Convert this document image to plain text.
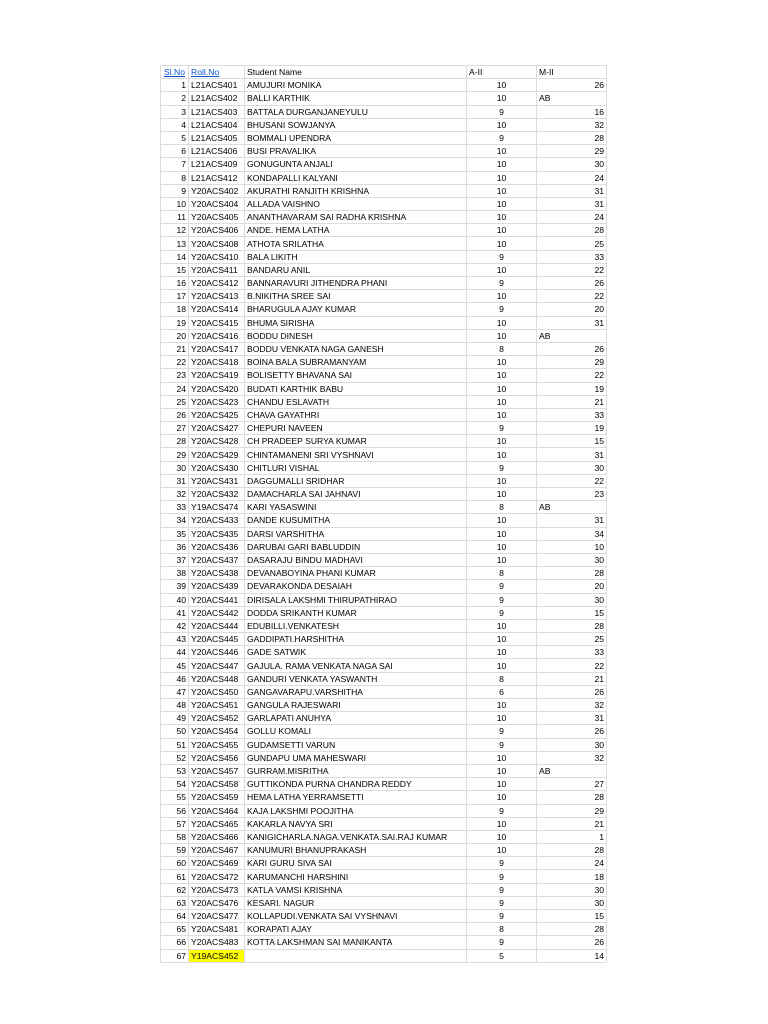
Sl.No	Roll.No	Student Name	A-II	M-II
1	L21ACS401	AMUJURI MONIKA	10	26
2	L21ACS402	BALLI KARTHIK	10	AB
3	L21ACS403	BATTALA DURGANJANEYULU	9	16
4	L21ACS404	BHUSANI SOWJANYA	10	32
5	L21ACS405	BOMMALI UPENDRA	9	28
6	L21ACS406	BUSI PRAVALIKA	10	29
7	L21ACS409	GONUGUNTA ANJALI	10	30
8	L21ACS412	KONDAPALLI KALYANI	10	24
9	Y20ACS402	AKURATHI RANJITH KRISHNA	10	31
10	Y20ACS404	ALLADA VAISHNO	10	31
11	Y20ACS405	ANANTHAVARAM SAI RADHA KRISHNA	10	24
12	Y20ACS406	ANDE. HEMA LATHA	10	28
13	Y20ACS408	ATHOTA SRILATHA	10	25
14	Y20ACS410	BALA LIKITH	9	33
15	Y20ACS411	BANDARU ANIL	10	22
16	Y20ACS412	BANNARAVURI JITHENDRA PHANI	9	26
17	Y20ACS413	B.NIKITHA SREE SAI	10	22
18	Y20ACS414	BHARUGULA AJAY KUMAR	9	20
19	Y20ACS415	BHUMA SIRISHA	10	31
20	Y20ACS416	BODDU DINESH	10	AB
21	Y20ACS417	BODDU VENKATA NAGA GANESH	8	26
22	Y20ACS418	BOINA BALA SUBRAMANYAM	10	29
23	Y20ACS419	BOLISETTY BHAVANA SAI	10	22
24	Y20ACS420	BUDATI KARTHIK BABU	10	19
25	Y20ACS423	CHANDU ESLAVATH	10	21
26	Y20ACS425	CHAVA GAYATHRI	10	33
27	Y20ACS427	CHEPURI NAVEEN	9	19
28	Y20ACS428	CH PRADEEP SURYA KUMAR	10	15
29	Y20ACS429	CHINTAMANENI SRI VYSHNAVI	10	31
30	Y20ACS430	CHITLURI VISHAL	9	30
31	Y20ACS431	DAGGUMALLI SRIDHAR	10	22
32	Y20ACS432	DAMACHARLA SAI JAHNAVI	10	23
33	Y19ACS474	KARI YASASWINI	8	AB
34	Y20ACS433	DANDE KUSUMITHA	10	31
35	Y20ACS435	DARSI VARSHITHA	10	34
36	Y20ACS436	DARUBAI GARI BABLUDDIN	10	10
37	Y20ACS437	DASARAJU BINDU MADHAVI	10	30
38	Y20ACS438	DEVANABOYINA PHANI KUMAR	8	28
39	Y20ACS439	DEVARAKONDA DESAIAH	9	20
40	Y20ACS441	DIRISALA LAKSHMI THIRUPATHIRAO	9	30
41	Y20ACS442	DODDA SRIKANTH KUMAR	9	15
42	Y20ACS444	EDUBILLI.VENKATESH	10	28
43	Y20ACS445	GADDIPATI.HARSHITHA	10	25
44	Y20ACS446	GADE SATWIK	10	33
45	Y20ACS447	GAJULA. RAMA VENKATA NAGA SAI	10	22
46	Y20ACS448	GANDURI VENKATA YASWANTH	8	21
47	Y20ACS450	GANGAVARAPU.VARSHITHA	6	26
48	Y20ACS451	GANGULA RAJESWARI	10	32
49	Y20ACS452	GARLAPATI ANUHYA	10	31
50	Y20ACS454	GOLLU KOMALI	9	26
51	Y20ACS455	GUDAMSETTI VARUN	9	30
52	Y20ACS456	GUNDAPU UMA MAHESWARI	10	32
53	Y20ACS457	GURRAM.MISRITHA	10	AB
54	Y20ACS458	GUTTIKONDA PURNA CHANDRA REDDY	10	27
55	Y20ACS459	HEMA LATHA YERRAMSETTI	10	28
56	Y20ACS464	KAJA LAKSHMI POOJITHA	9	29
57	Y20ACS465	KAKARLA NAVYA SRI	10	21
58	Y20ACS466	KANIGICHARLA.NAGA.VENKATA.SAI.RAJ KUMAR	10	1
59	Y20ACS467	KANUMURI BHANUPRAKASH	10	28
60	Y20ACS469	KARI GURU SIVA SAI	9	24
61	Y20ACS472	KARUMANCHI HARSHINI	9	18
62	Y20ACS473	KATLA VAMSI KRISHNA	9	30
63	Y20ACS476	KESARI. NAGUR	9	30
64	Y20ACS477	KOLLAPUDI.VENKATA SAI VYSHNAVI	9	15
65	Y20ACS481	KORAPATI AJAY	8	28
66	Y20ACS483	KOTTA LAKSHMAN SAI MANIKANTA	9	26
67	Y19ACS452		5	14
